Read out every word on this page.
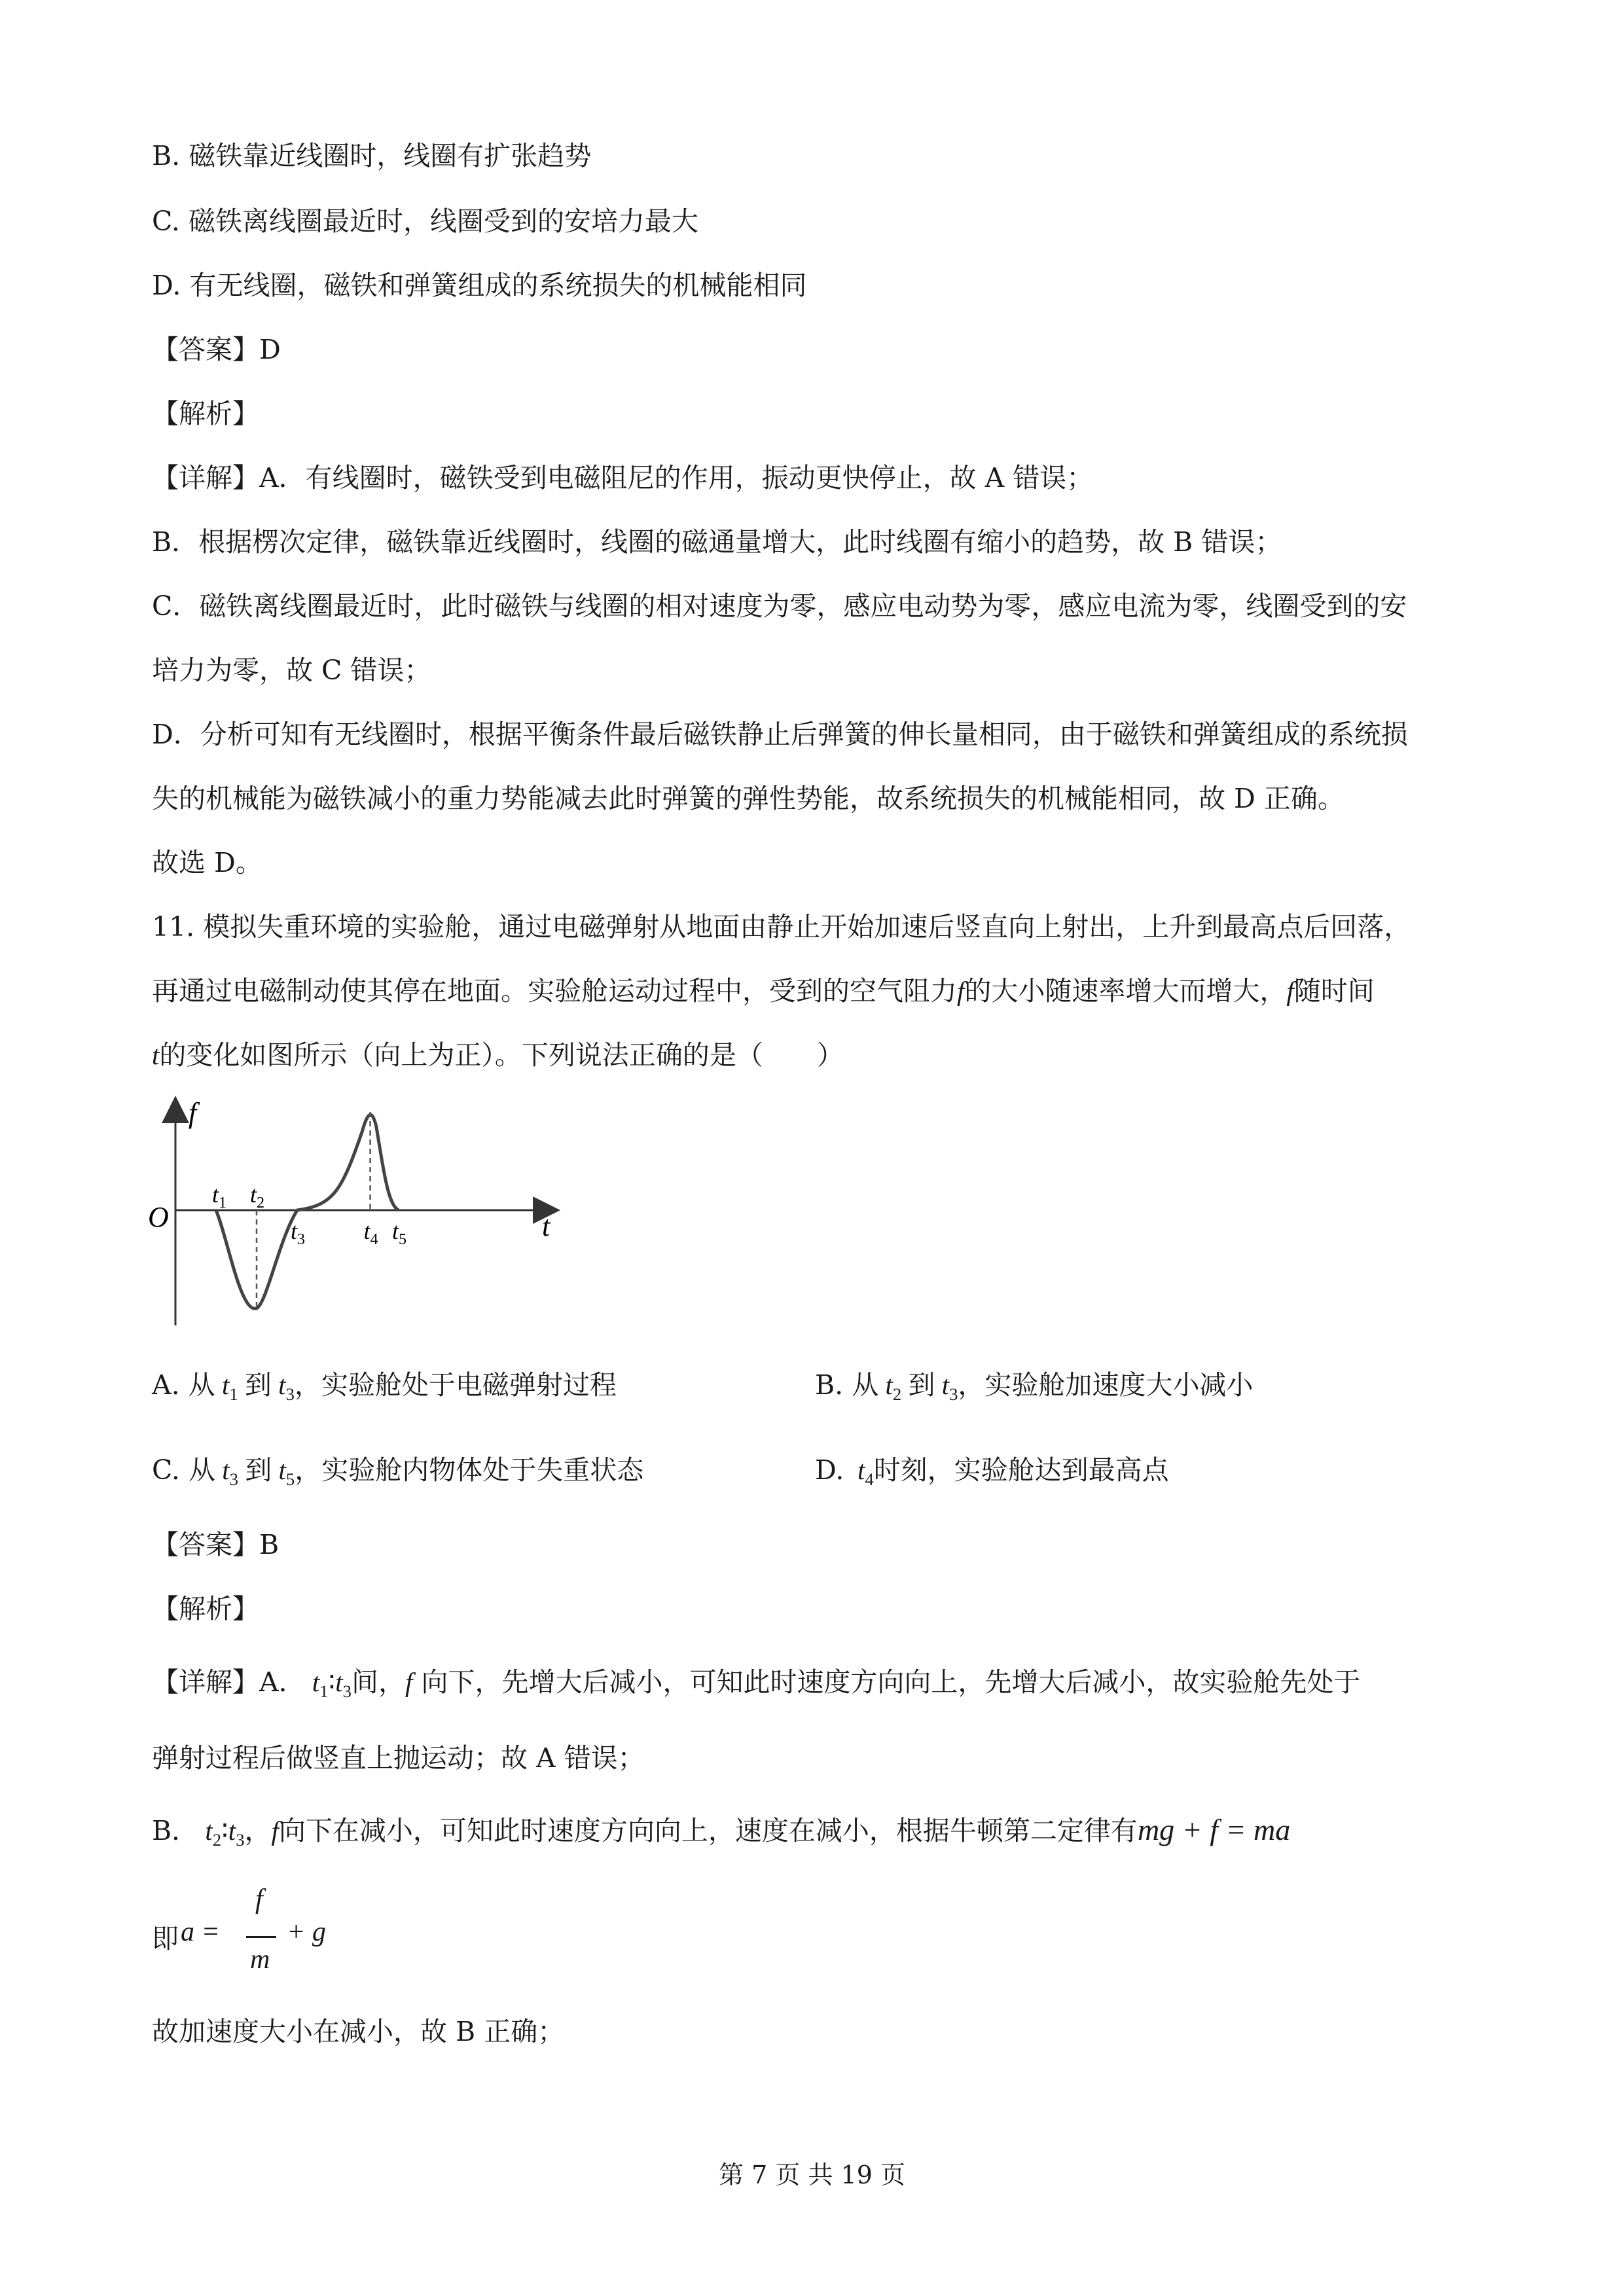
B. 磁铁靠近线圈时，线圈有扩张趋势

C. 磁铁离线圈最近时，线圈受到的安培力最大

D. 有无线圈，磁铁和弹簧组成的系统损失的机械能相同

【答案】D

【解析】

【详解】A．有线圈时，磁铁受到电磁阻尼的作用，振动更快停止，故 A 错误；

B．根据楞次定律，磁铁靠近线圈时，线圈的磁通量增大，此时线圈有缩小的趋势，故 B 错误；

C．磁铁离线圈最近时，此时磁铁与线圈的相对速度为零，感应电动势为零，感应电流为零，线圈受到的安

培力为零，故 C 错误；

D．分析可知有无线圈时，根据平衡条件最后磁铁静止后弹簧的伸长量相同，由于磁铁和弹簧组成的系统损

失的机械能为磁铁减小的重力势能减去此时弹簧的弹性势能，故系统损失的机械能相同，故 D 正确。

故选 D。

11. 模拟失重环境的实验舱，通过电磁弹射从地面由静止开始加速后竖直向上射出，上升到最高点后回落，

再通过电磁制动使其停在地面。实验舱运动过程中，受到的空气阻力f的大小随速率增大而增大，f随时间

t的变化如图所示（向上为正）。下列说法正确的是（　　）

f
t
O
$t_1$ $t_2$
$t_3$ $t_4$ $t_5$
A. 从 $t_1$ 到 $t_3$，实验舱处于电磁弹射过程	B. 从 $t_2$ 到 $t_3$，实验舱加速度大小减小
C. 从 $t_3$ 到 $t_5$，实验舱内物体处于失重状态	D. $t_4$时刻，实验舱达到最高点

【答案】B

【解析】

【详解】A． $t_1∶t_3$间，f 向下，先增大后减小，可知此时速度方向向上，先增大后减小，故实验舱先处于

弹射过程后做竖直上抛运动；故 A 错误；

B． $t_2∶t_3$，f向下在减小，可知此时速度方向向上，速度在减小，根据牛顿第二定律有mg + f = ma

即 a =
f
m
+ g

故加速度大小在减小，故 B 正确；

第 7 页 共 19 页
